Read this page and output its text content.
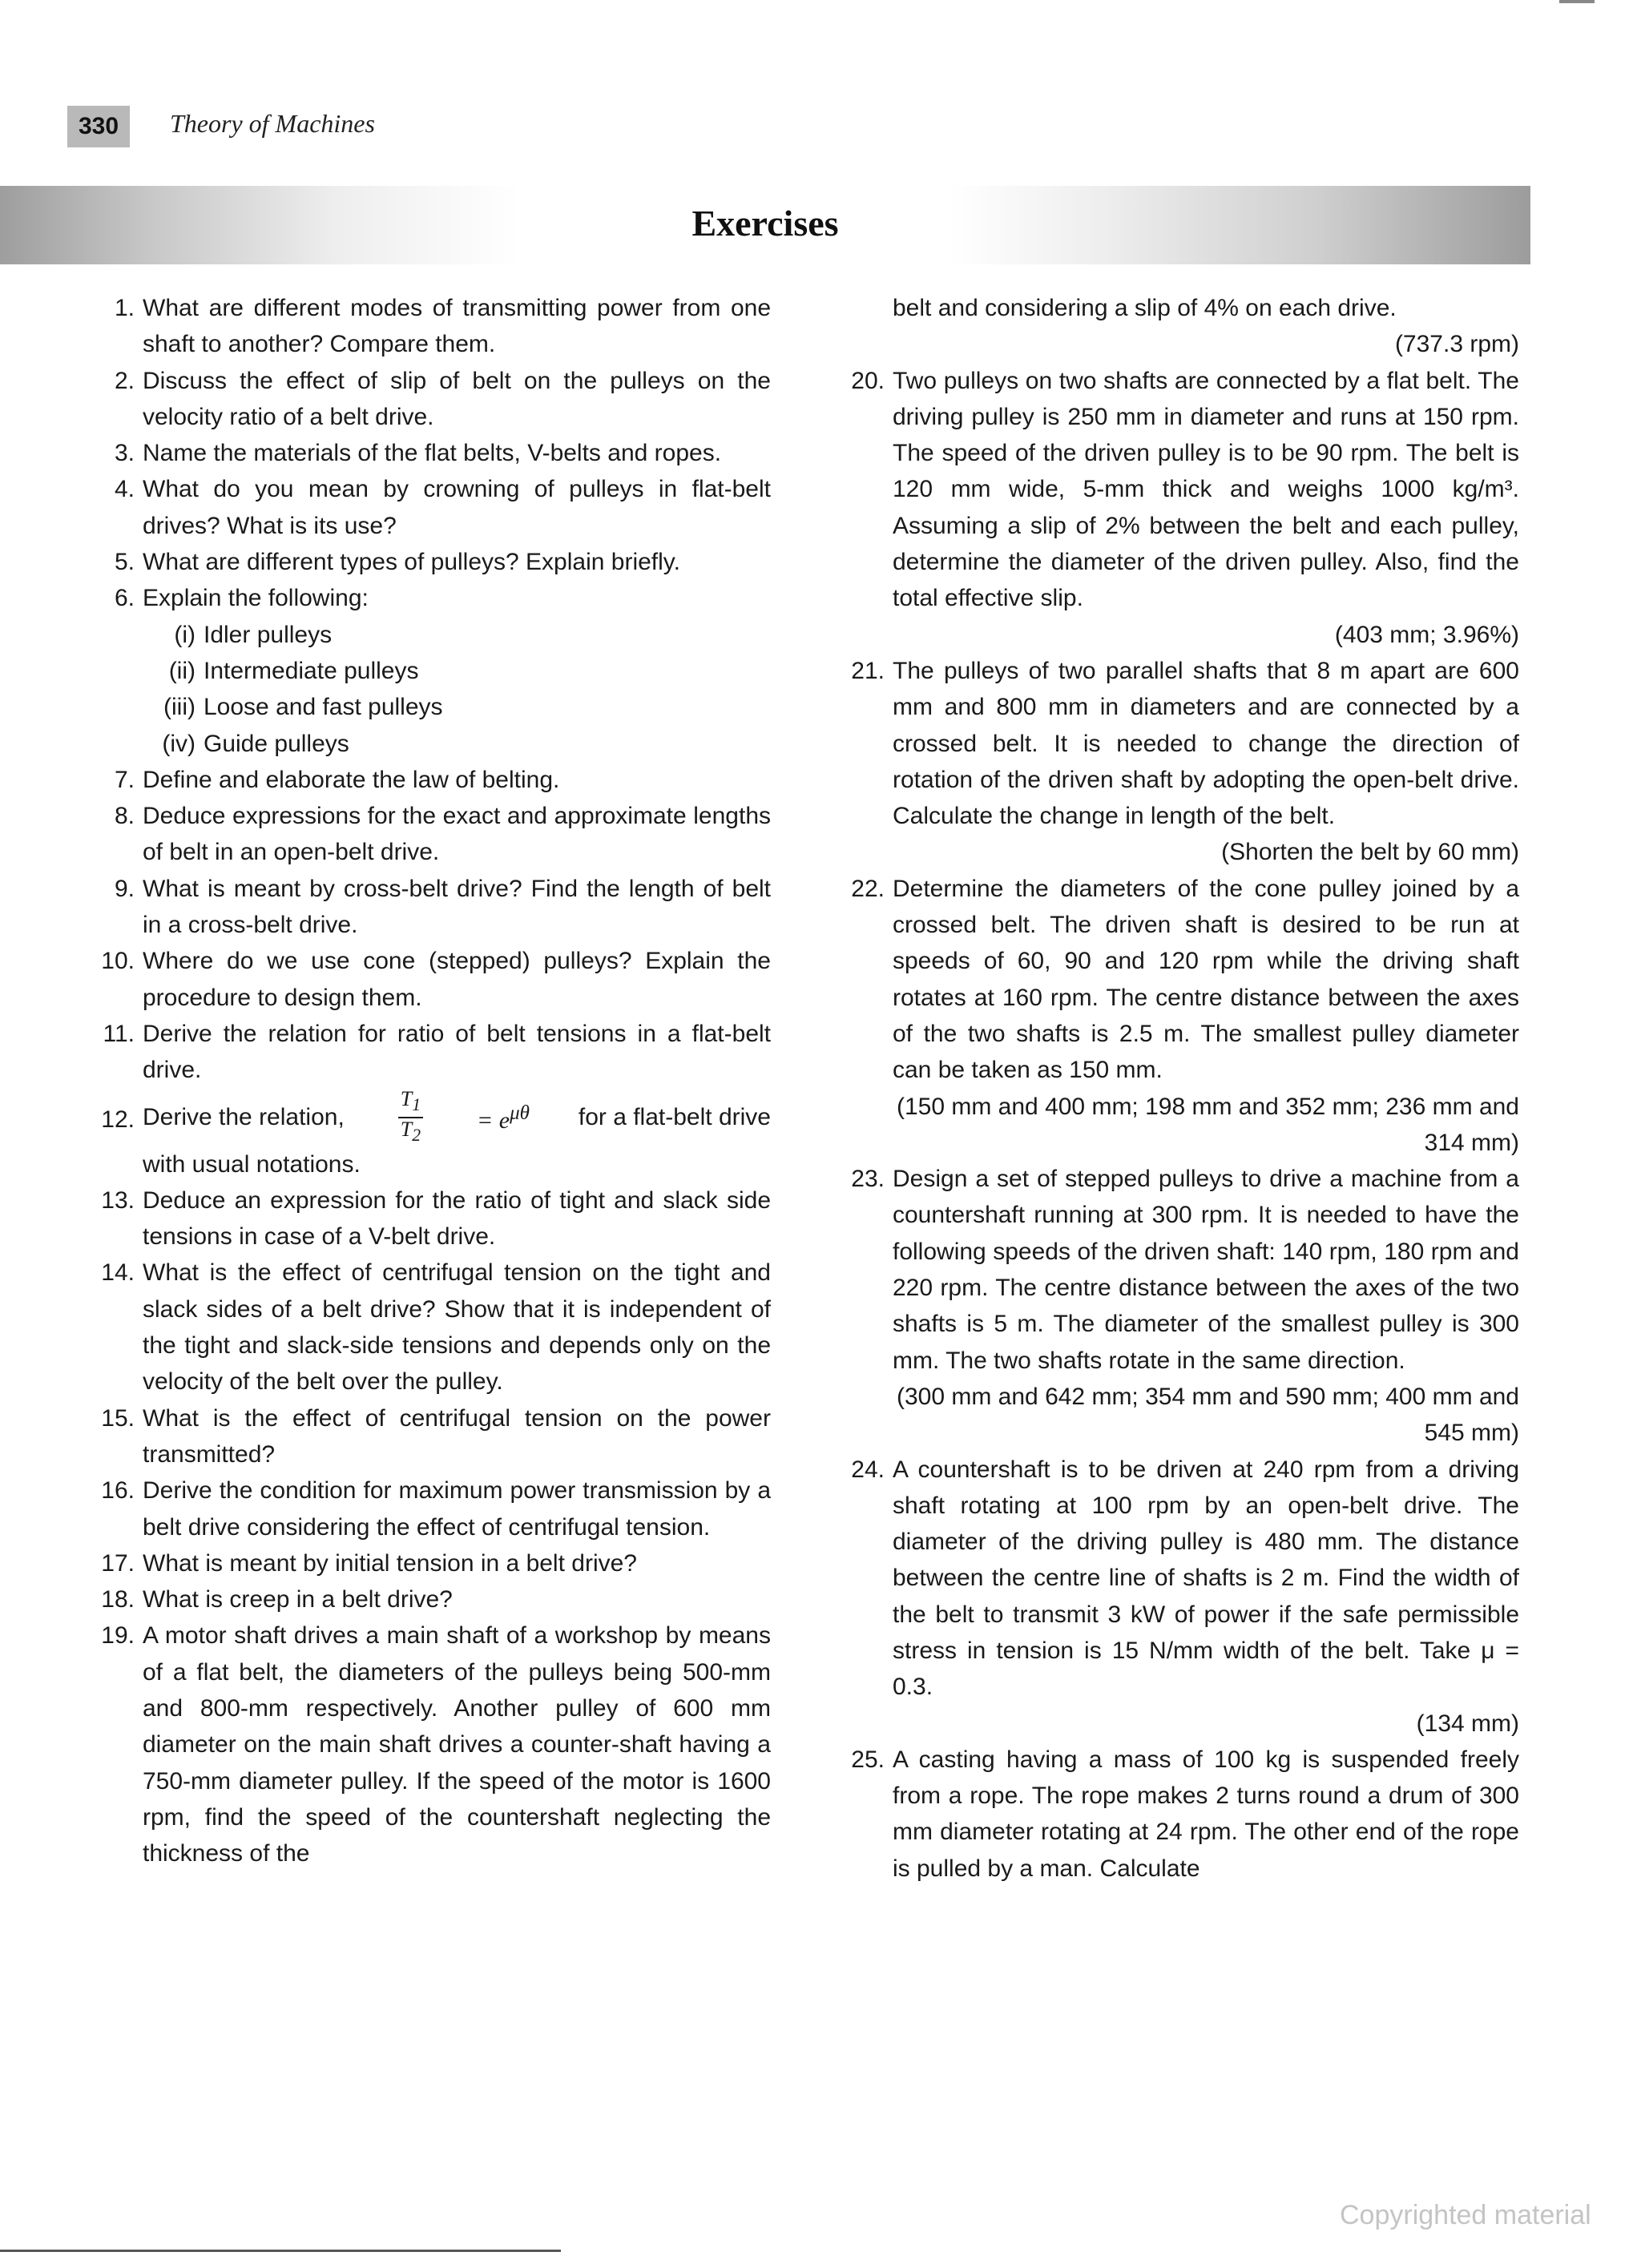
330	Theory of Machines
Exercises
1. What are different modes of transmitting power from one shaft to another? Compare them.
2. Discuss the effect of slip of belt on the pulleys on the velocity ratio of a belt drive.
3. Name the materials of the flat belts, V-belts and ropes.
4. What do you mean by crowning of pulleys in flat-belt drives? What is its use?
5. What are different types of pulleys? Explain briefly.
6. Explain the following:
(i) Idler pulleys
(ii) Intermediate pulleys
(iii) Loose and fast pulleys
(iv) Guide pulleys
7. Define and elaborate the law of belting.
8. Deduce expressions for the exact and approximate lengths of belt in an open-belt drive.
9. What is meant by cross-belt drive? Find the length of belt in a cross-belt drive.
10. Where do we use cone (stepped) pulleys? Explain the procedure to design them.
11. Derive the relation for ratio of belt tensions in a flat-belt drive.
12. Derive the relation,	$\frac{T_1}{T_2} = e^{\mu\theta}$ for a flat-belt drive
with usual notations.
13. Deduce an expression for the ratio of tight and slack side tensions in case of a V-belt drive.
14. What is the effect of centrifugal tension on the tight and slack sides of a belt drive? Show that it is independent of the tight and slack-side tensions and depends only on the velocity of the belt over the pulley.
15. What is the effect of centrifugal tension on the power transmitted?
16. Derive the condition for maximum power transmission by a belt drive considering the effect of centrifugal tension.
17. What is meant by initial tension in a belt drive?
18. What is creep in a belt drive?
19. A motor shaft drives a main shaft of a workshop by means of a flat belt, the diameters of the pulleys being 500-mm and 800-mm respectively. Another pulley of 600 mm diameter on the main shaft drives a counter-shaft having a 750-mm diameter pulley. If the speed of the motor is 1600 rpm, find the speed of the countershaft neglecting the thickness of the
belt and considering a slip of 4% on each drive.
(737.3 rpm)
20. Two pulleys on two shafts are connected by a flat belt. The driving pulley is 250 mm in diameter and runs at 150 rpm. The speed of the driven pulley is to be 90 rpm. The belt is 120 mm wide, 5-mm thick and weighs 1000 kg/m³. Assuming a slip of 2% between the belt and each pulley, determine the diameter of the driven pulley. Also, find the total effective slip.
(403 mm; 3.96%)
21. The pulleys of two parallel shafts that 8 m apart are 600 mm and 800 mm in diameters and are connected by a crossed belt. It is needed to change the direction of rotation of the driven shaft by adopting the open-belt drive. Calculate the change in length of the belt.
(Shorten the belt by 60 mm)
22. Determine the diameters of the cone pulley joined by a crossed belt. The driven shaft is desired to be run at speeds of 60, 90 and 120 rpm while the driving shaft rotates at 160 rpm. The centre distance between the axes of the two shafts is 2.5 m. The smallest pulley diameter can be taken as 150 mm.
(150 mm and 400 mm; 198 mm and 352 mm; 236 mm and 314 mm)
23. Design a set of stepped pulleys to drive a machine from a countershaft running at 300 rpm. It is needed to have the following speeds of the driven shaft: 140 rpm, 180 rpm and 220 rpm. The centre distance between the axes of the two shafts is 5 m. The diameter of the smallest pulley is 300 mm. The two shafts rotate in the same direction.
(300 mm and 642 mm; 354 mm and 590 mm; 400 mm and 545 mm)
24. A countershaft is to be driven at 240 rpm from a driving shaft rotating at 100 rpm by an open-belt drive. The diameter of the driving pulley is 480 mm. The distance between the centre line of shafts is 2 m. Find the width of the belt to transmit 3 kW of power if the safe permissible stress in tension is 15 N/mm width of the belt. Take μ = 0.3.
(134 mm)
25. A casting having a mass of 100 kg is suspended freely from a rope. The rope makes 2 turns round a drum of 300 mm diameter rotating at 24 rpm. The other end of the rope is pulled by a man. Calculate
Copyrighted material
